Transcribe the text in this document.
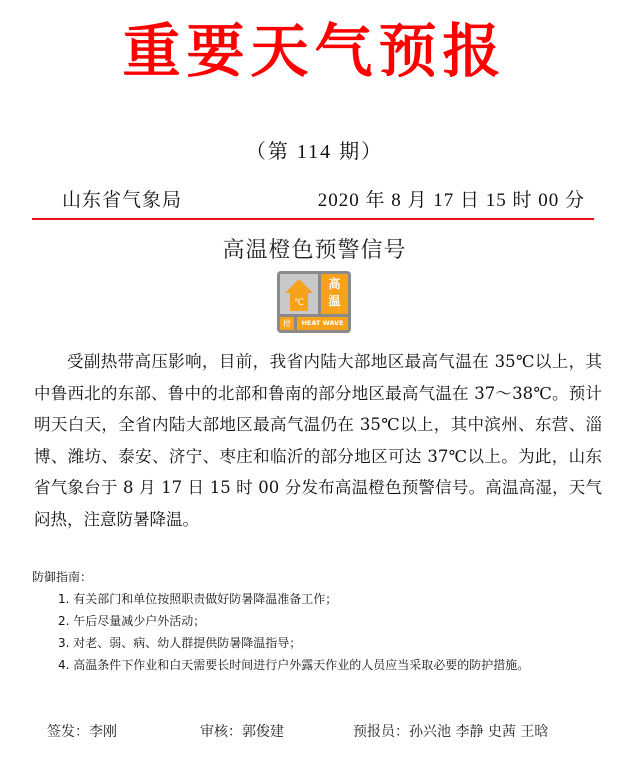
重要天气预报
（第 114 期）
山东省气象局	2020 年 8 月 17 日 15 时 00 分
高温橙色预警信号
℃
高
温
橙	HEAT WAVE

受副热带高压影响，目前，我省内陆大部地区最高气温在 35℃以上，其中鲁西北的东部、鲁中的北部和鲁南的部分地区最高气温在 37～38℃。预计明天白天，全省内陆大部地区最高气温仍在 35℃以上，其中滨州、东营、淄博、潍坊、泰安、济宁、枣庄和临沂的部分地区可达 37℃以上。为此，山东省气象台于 8 月 17 日 15 时 00 分发布高温橙色预警信号。高温高湿，天气闷热，注意防暑降温。

防御指南：
1. 有关部门和单位按照职责做好防暑降温准备工作；
2. 午后尽量减少户外活动；
3. 对老、弱、病、幼人群提供防暑降温指导；
4. 高温条件下作业和白天需要长时间进行户外露天作业的人员应当采取必要的防护措施。
签发：李刚	审核：郭俊建	预报员：孙兴池 李静 史茜 王晗
